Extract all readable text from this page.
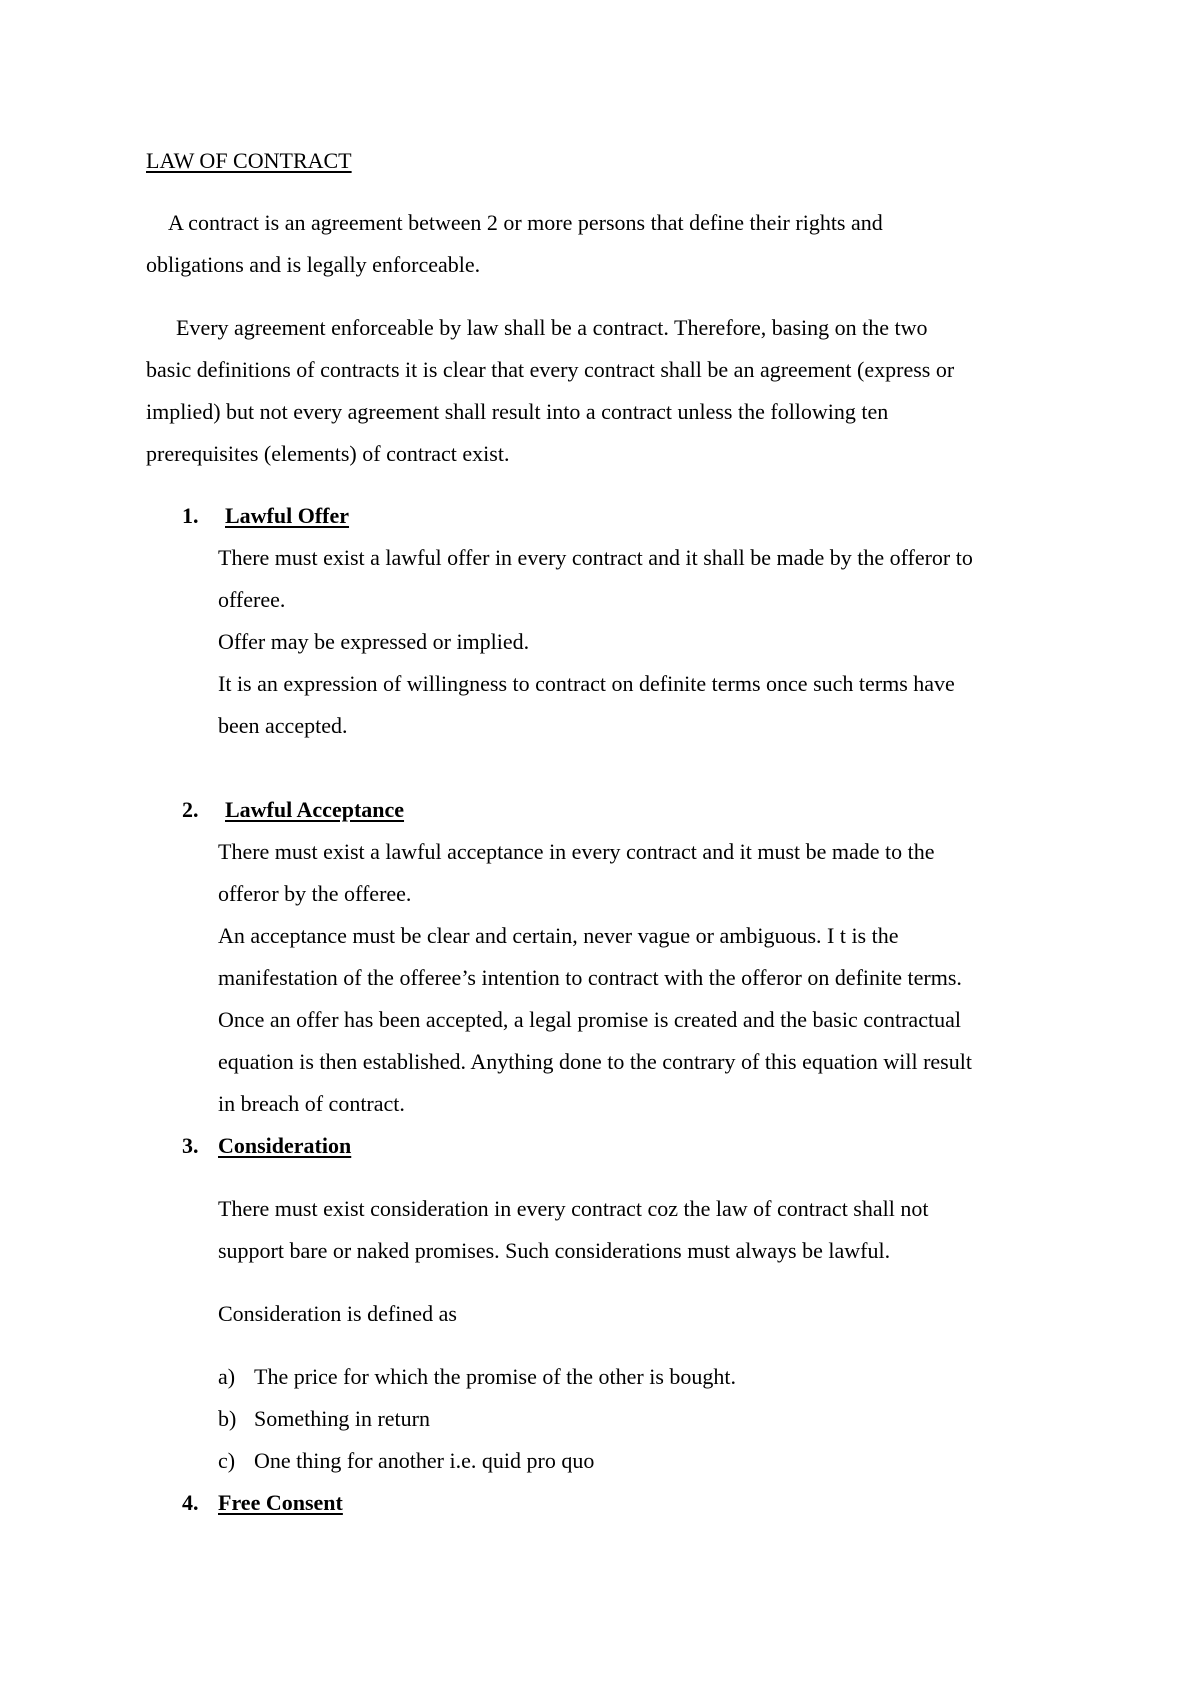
LAW OF CONTRACT

A contract is an agreement between 2 or more persons that define their rights and

obligations and is legally enforceable.

Every agreement enforceable by law shall be a contract. Therefore, basing on the two

basic definitions of contracts it is clear that every contract shall be an agreement (express or

implied) but not every agreement shall result into a contract unless the following ten

prerequisites (elements) of contract exist.

1. Lawful Offer

There must exist a lawful offer in every contract and it shall be made by the offeror to

offeree.

Offer may be expressed or implied.

It is an expression of willingness to contract on definite terms once such terms have

been accepted.

2. Lawful Acceptance

There must exist a lawful acceptance in every contract and it must be made to the

offeror by the offeree.

An acceptance must be clear and certain, never vague or ambiguous. I t is the

manifestation of the offeree’s intention to contract with the offeror on definite terms.

Once an offer has been accepted, a legal promise is created and the basic contractual

equation is then established. Anything done to the contrary of this equation will result

in breach of contract.

3. Consideration

There must exist consideration in every contract coz the law of contract shall not

support bare or naked promises. Such considerations must always be lawful.

Consideration is defined as

a) The price for which the promise of the other is bought.

b) Something in return

c) One thing for another i.e. quid pro quo

4. Free Consent
